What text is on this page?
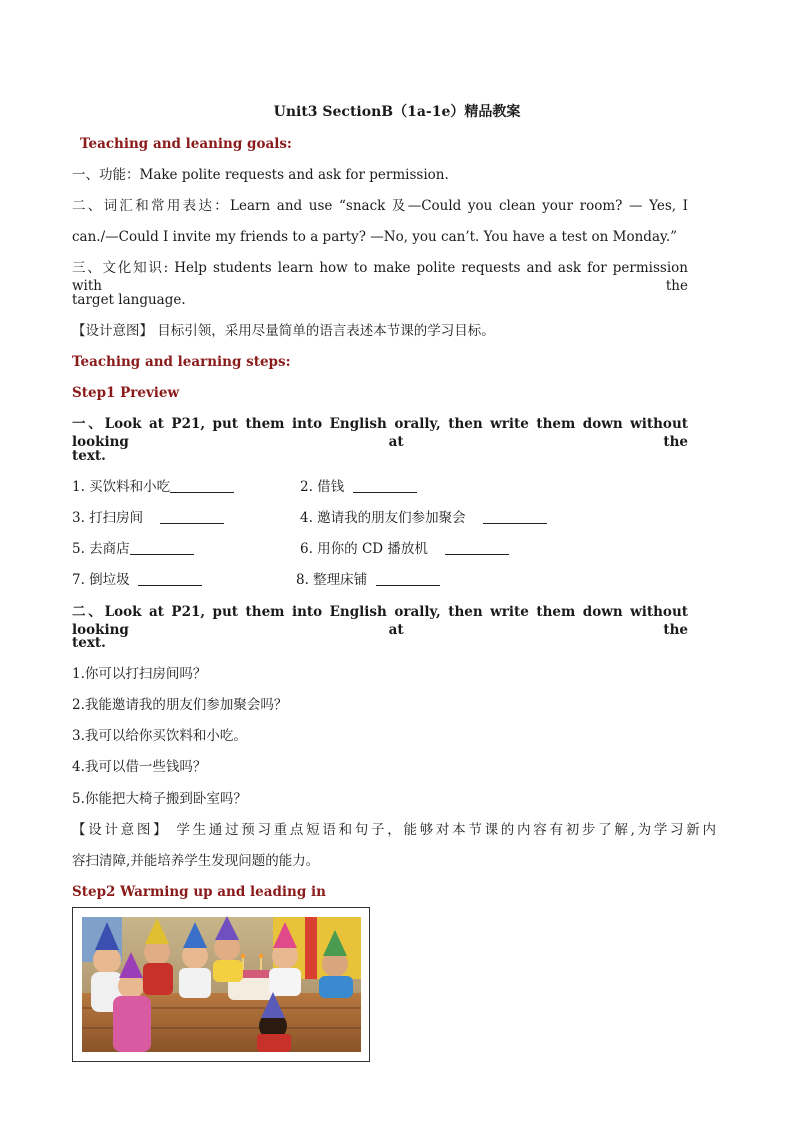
Unit3 SectionB（1a-1e）精品教案
Teaching and leaning goals:
一、功能：Make polite requests and ask for permission.
二、词汇和常用表达：Learn and use “snack 及—Could you clean your room? — Yes, I
can./—Could I invite my friends to a party? —No, you can’t. You have a test on Monday.”
三、文化知识: Help students learn how to make polite requests and ask for permission with the
target language.
【设计意图】 目标引领，采用尽量简单的语言表述本节课的学习目标。
Teaching and learning steps:
Step1 Preview
一、Look at P21, put them into English orally, then write them down without looking at the
text.
1. 买饮料和小吃	2. 借钱
3. 打扫房间	4. 邀请我的朋友们参加聚会
5. 去商店	6. 用你的 CD 播放机
7. 倒垃圾	8. 整理床铺
二、Look at P21, put them into English orally, then write them down without looking at the
text.
1.你可以打扫房间吗？
2.我能邀请我的朋友们参加聚会吗？
3.我可以给你买饮料和小吃。
4.我可以借一些钱吗？
5.你能把大椅子搬到卧室吗？
【设计意图】 学生通过预习重点短语和句子，能够对本节课的内容有初步了解,为学习新内
容扫清障,并能培养学生发现问题的能力。
Step2 Warming up and leading in
